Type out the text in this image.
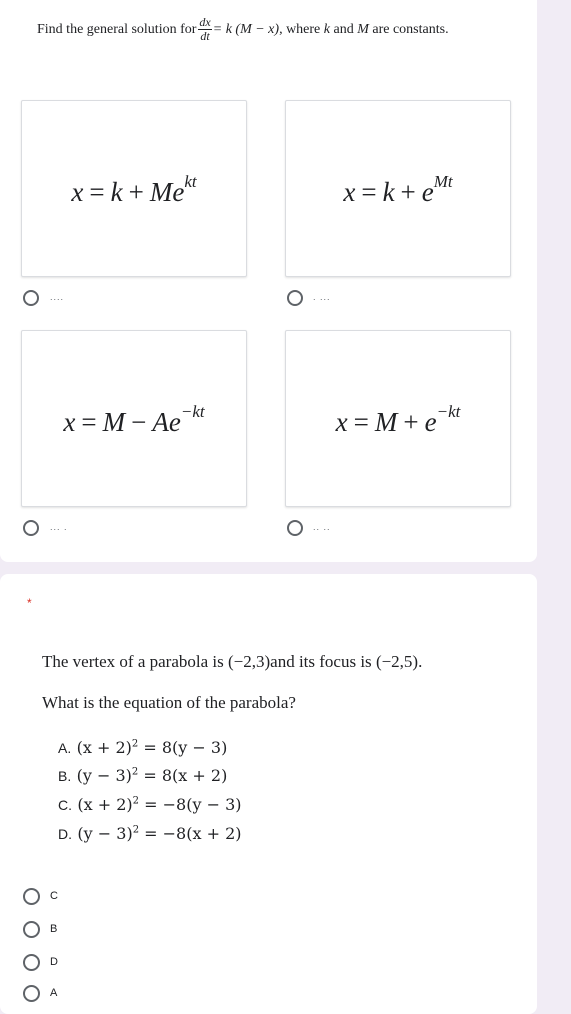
Find the general solution for $\frac{dx}{dt} = k$ (M − x) , where
k
and
M
are constants.
$x = k + Me^{kt}$	$x = k + e^{Mt}$
$x = M - Ae^{-kt}$	$x = M + e^{-kt}$
....	. ...
... .	.. ..
*
The vertex of a parabola is (−2,3)and its focus is (−2,5).
What is the equation of the parabola?
A. $(x + 2)^2 = 8(y - 3)$
B. $(y - 3)^2 = 8(x + 2)$
C. $(x + 2)^2 = -8(y - 3)$
D. $(y - 3)^2 = -8(x + 2)$
C
B
D
A
